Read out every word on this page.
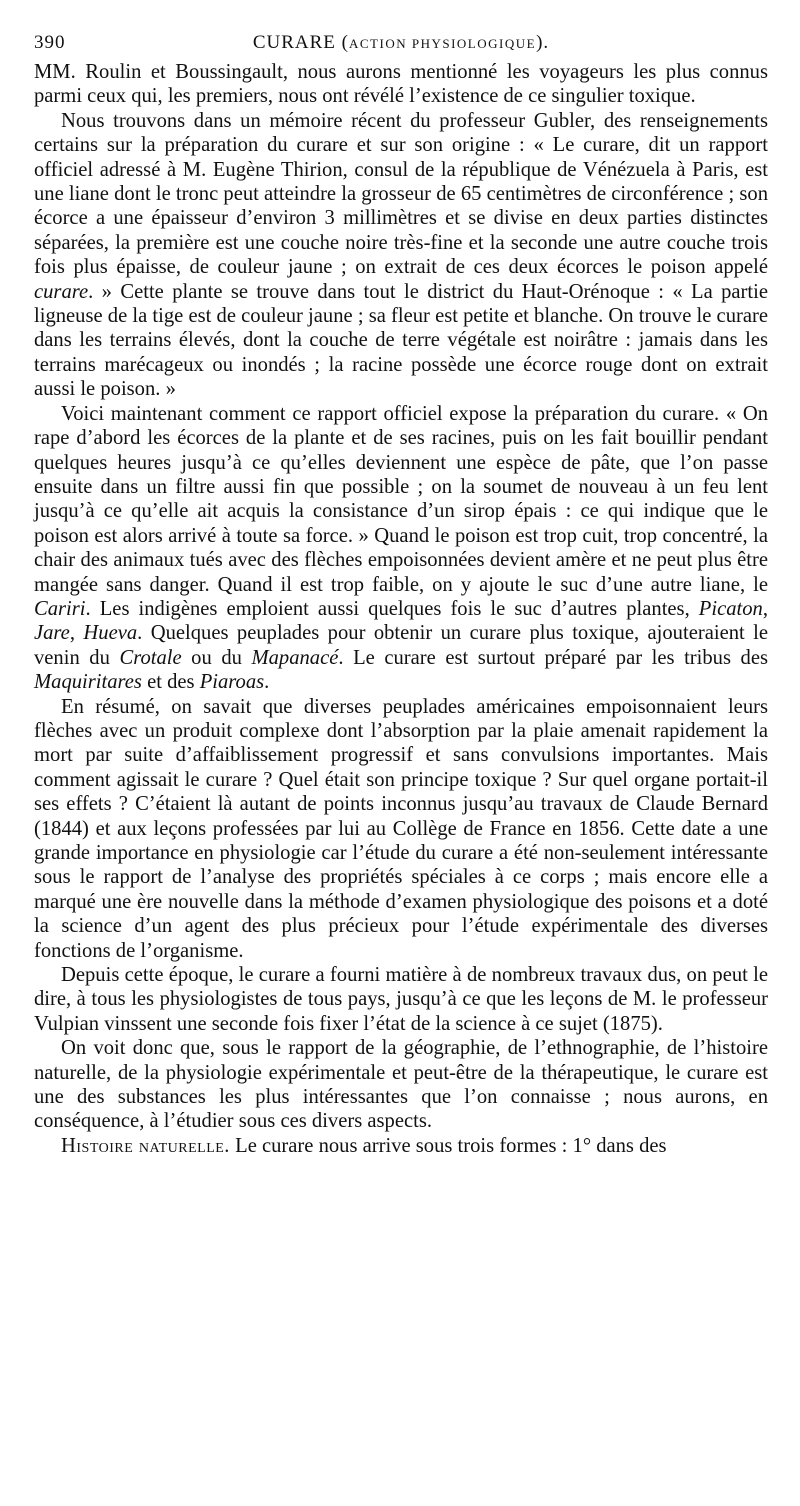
390	CURARE (ACTION PHYSIOLOGIQUE).

MM. Roulin et Boussingault, nous aurons mentionné les voyageurs les plus connus parmi ceux qui, les premiers, nous ont révélé l’existence de ce singulier toxique.

Nous trouvons dans un mémoire récent du professeur Gubler, des renseignements certains sur la préparation du curare et sur son origine : « Le curare, dit un rapport officiel adressé à M. Eugène Thirion, consul de la république de Vénézuela à Paris, est une liane dont le tronc peut atteindre la grosseur de 65 centimètres de circonférence ; son écorce a une épaisseur d’environ 3 millimètres et se divise en deux parties distinctes séparées, la première est une couche noire très-fine et la seconde une autre couche trois fois plus épaisse, de couleur jaune ; on extrait de ces deux écorces le poison appelé curare. » Cette plante se trouve dans tout le district du Haut-Orénoque : « La partie ligneuse de la tige est de couleur jaune ; sa fleur est petite et blanche. On trouve le curare dans les terrains élevés, dont la couche de terre végétale est noirâtre : jamais dans les terrains marécageux ou inondés ; la racine possède une écorce rouge dont on extrait aussi le poison. »

Voici maintenant comment ce rapport officiel expose la préparation du curare. « On rape d’abord les écorces de la plante et de ses racines, puis on les fait bouillir pendant quelques heures jusqu’à ce qu’elles deviennent une espèce de pâte, que l’on passe ensuite dans un filtre aussi fin que possible ; on la soumet de nouveau à un feu lent jusqu’à ce qu’elle ait acquis la consistance d’un sirop épais : ce qui indique que le poison est alors arrivé à toute sa force. » Quand le poison est trop cuit, trop concentré, la chair des animaux tués avec des flèches empoisonnées devient amère et ne peut plus être mangée sans danger. Quand il est trop faible, on y ajoute le suc d’une autre liane, le Cariri. Les indigènes emploient aussi quelques fois le suc d’autres plantes, Picaton, Jare, Hueva. Quelques peuplades pour obtenir un curare plus toxique, ajouteraient le venin du Crotale ou du Mapanacé. Le curare est surtout préparé par les tribus des Maquiritares et des Piaroas.

En résumé, on savait que diverses peuplades américaines empoisonnaient leurs flèches avec un produit complexe dont l’absorption par la plaie amenait rapidement la mort par suite d’affaiblissement progressif et sans convulsions importantes. Mais comment agissait le curare ? Quel était son principe toxique ? Sur quel organe portait-il ses effets ? C’étaient là autant de points inconnus jusqu’au travaux de Claude Bernard (1844) et aux leçons professées par lui au Collège de France en 1856. Cette date a une grande importance en physiologie car l’étude du curare a été non-seulement intéressante sous le rapport de l’analyse des propriétés spéciales à ce corps ; mais encore elle a marqué une ère nouvelle dans la méthode d’examen physiologique des poisons et a doté la science d’un agent des plus précieux pour l’étude expérimentale des diverses fonctions de l’organisme.

Depuis cette époque, le curare a fourni matière à de nombreux travaux dus, on peut le dire, à tous les physiologistes de tous pays, jusqu’à ce que les leçons de M. le professeur Vulpian vinssent une seconde fois fixer l’état de la science à ce sujet (1875).

On voit donc que, sous le rapport de la géographie, de l’ethnographie, de l’histoire naturelle, de la physiologie expérimentale et peut-être de la thérapeutique, le curare est une des substances les plus intéressantes que l’on connaisse ; nous aurons, en conséquence, à l’étudier sous ces divers aspects.

Histoire naturelle. Le curare nous arrive sous trois formes : 1° dans des
